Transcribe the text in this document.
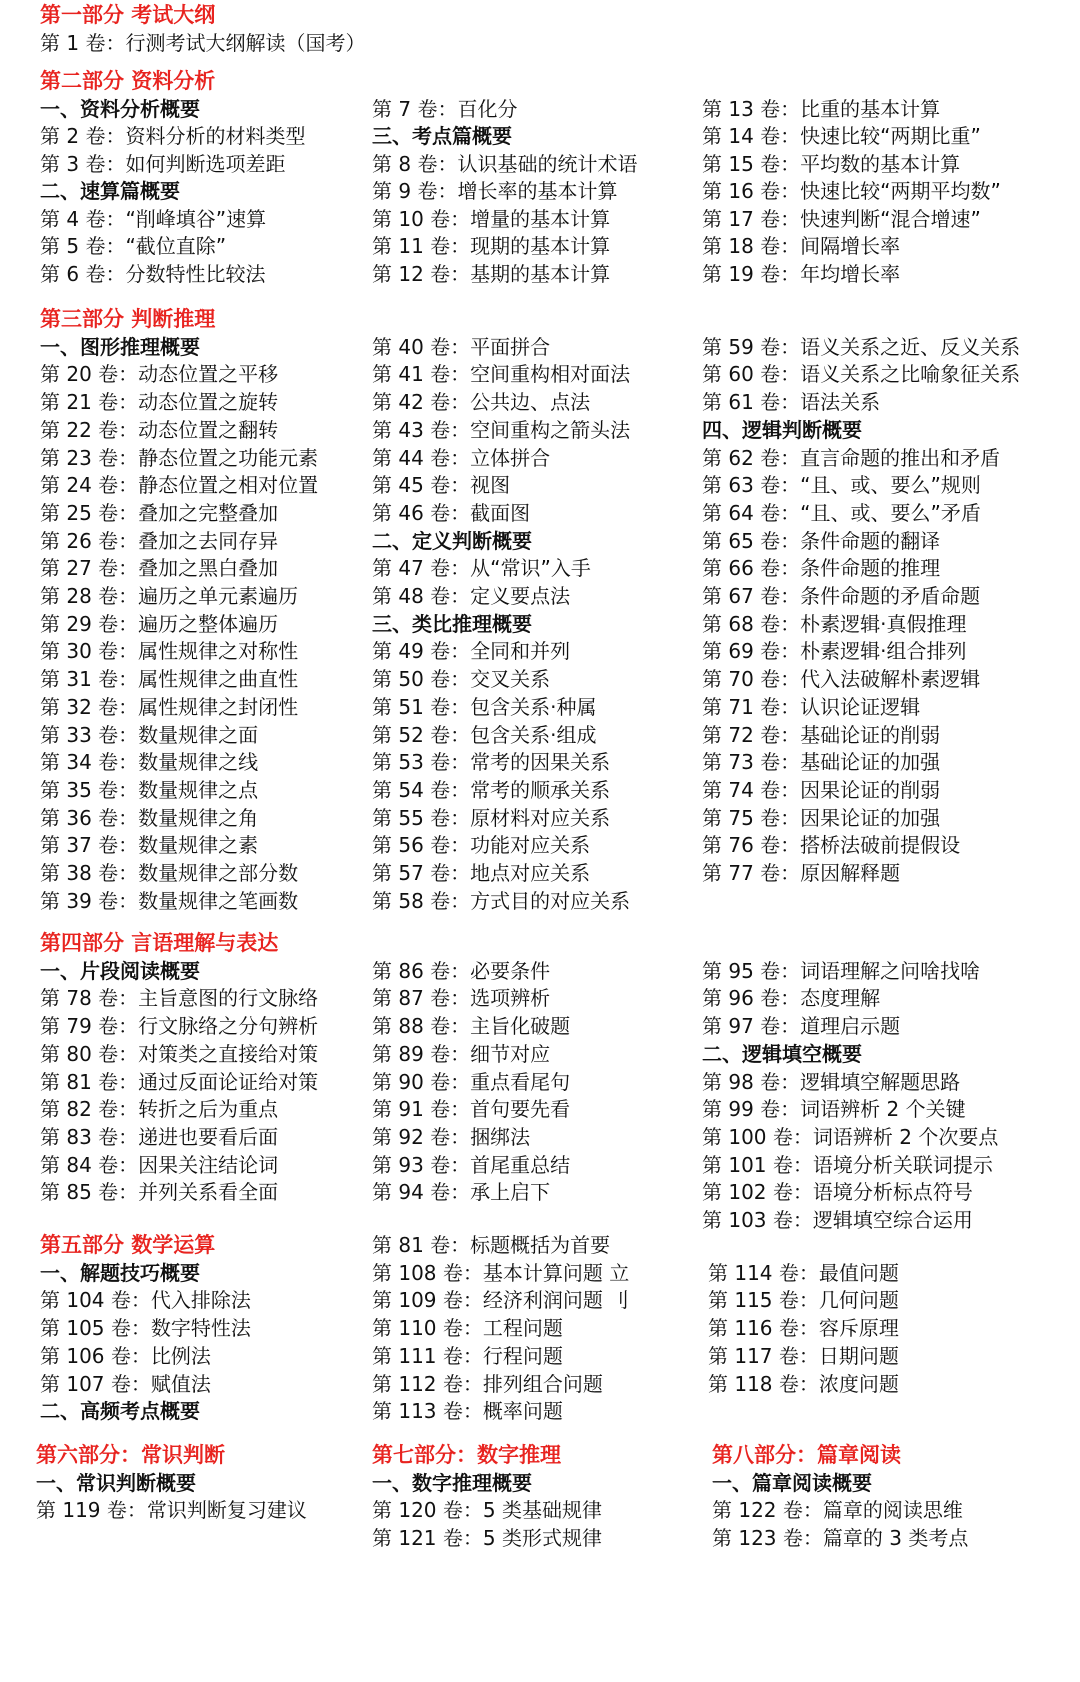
第一部分 考试大纲
第 1 卷：行测考试大纲解读（国考）
第二部分 资料分析
一、资料分析概要
第 2 卷：资料分析的材料类型
第 3 卷：如何判断选项差距
二、速算篇概要
第 4 卷：“削峰填谷”速算
第 5 卷：“截位直除”
第 6 卷：分数特性比较法
第 7 卷：百化分
三、考点篇概要
第 8 卷：认识基础的统计术语
第 9 卷：增长率的基本计算
第 10 卷：增量的基本计算
第 11 卷：现期的基本计算
第 12 卷：基期的基本计算
第 13 卷：比重的基本计算
第 14 卷：快速比较“两期比重”
第 15 卷：平均数的基本计算
第 16 卷：快速比较“两期平均数”
第 17 卷：快速判断“混合增速”
第 18 卷：间隔增长率
第 19 卷：年均增长率
第三部分 判断推理
一、图形推理概要
第 20 卷：动态位置之平移
第 21 卷：动态位置之旋转
第 22 卷：动态位置之翻转
第 23 卷：静态位置之功能元素
第 24 卷：静态位置之相对位置
第 25 卷：叠加之完整叠加
第 26 卷：叠加之去同存异
第 27 卷：叠加之黑白叠加
第 28 卷：遍历之单元素遍历
第 29 卷：遍历之整体遍历
第 30 卷：属性规律之对称性
第 31 卷：属性规律之曲直性
第 32 卷：属性规律之封闭性
第 33 卷：数量规律之面
第 34 卷：数量规律之线
第 35 卷：数量规律之点
第 36 卷：数量规律之角
第 37 卷：数量规律之素
第 38 卷：数量规律之部分数
第 39 卷：数量规律之笔画数
第 40 卷：平面拼合
第 41 卷：空间重构相对面法
第 42 卷：公共边、点法
第 43 卷：空间重构之箭头法
第 44 卷：立体拼合
第 45 卷：视图
第 46 卷：截面图
二、定义判断概要
第 47 卷：从“常识”入手
第 48 卷：定义要点法
三、类比推理概要
第 49 卷：全同和并列
第 50 卷：交叉关系
第 51 卷：包含关系·种属
第 52 卷：包含关系·组成
第 53 卷：常考的因果关系
第 54 卷：常考的顺承关系
第 55 卷：原材料对应关系
第 56 卷：功能对应关系
第 57 卷：地点对应关系
第 58 卷：方式目的对应关系
第 59 卷：语义关系之近、反义关系
第 60 卷：语义关系之比喻象征关系
第 61 卷：语法关系
四、逻辑判断概要
第 62 卷：直言命题的推出和矛盾
第 63 卷：“且、或、要么”规则
第 64 卷：“且、或、要么”矛盾
第 65 卷：条件命题的翻译
第 66 卷：条件命题的推理
第 67 卷：条件命题的矛盾命题
第 68 卷：朴素逻辑·真假推理
第 69 卷：朴素逻辑·组合排列
第 70 卷：代入法破解朴素逻辑
第 71 卷：认识论证逻辑
第 72 卷：基础论证的削弱
第 73 卷：基础论证的加强
第 74 卷：因果论证的削弱
第 75 卷：因果论证的加强
第 76 卷：搭桥法破前提假设
第 77 卷：原因解释题
第四部分 言语理解与表达
一、片段阅读概要
第 78 卷：主旨意图的行文脉络
第 79 卷：行文脉络之分句辨析
第 80 卷：对策类之直接给对策
第 81 卷：通过反面论证给对策
第 82 卷：转折之后为重点
第 83 卷：递进也要看后面
第 84 卷：因果关注结论词
第 85 卷：并列关系看全面
第 86 卷：必要条件
第 87 卷：选项辨析
第 88 卷：主旨化破题
第 89 卷：细节对应
第 90 卷：重点看尾句
第 91 卷：首句要先看
第 92 卷：捆绑法
第 93 卷：首尾重总结
第 94 卷：承上启下
第 95 卷：词语理解之问啥找啥
第 96 卷：态度理解
第 97 卷：道理启示题
二、逻辑填空概要
第 98 卷：逻辑填空解题思路
第 99 卷：词语辨析 2 个关键
第 100 卷：词语辨析 2 个次要点
第 101 卷：语境分析关联词提示
第 102 卷：语境分析标点符号
第 103 卷：逻辑填空综合运用
第五部分 数学运算
一、解题技巧概要
第 104 卷：代入排除法
第 105 卷：数字特性法
第 106 卷：比例法
第 107 卷：赋值法
二、高频考点概要
第 81 卷：标题概括为首要
第 108 卷：基本计算问题 立
第 109 卷：经济利润问题 刂
第 110 卷：工程问题
第 111 卷：行程问题
第 112 卷：排列组合问题
第 113 卷：概率问题
第 114 卷：最值问题
第 115 卷：几何问题
第 116 卷：容斥原理
第 117 卷：日期问题
第 118 卷：浓度问题
第六部分：常识判断
一、常识判断概要
第 119 卷：常识判断复习建议
第七部分：数字推理
一、数字推理概要
第 120 卷：5 类基础规律
第 121 卷：5 类形式规律
第八部分：篇章阅读
一、篇章阅读概要
第 122 卷：篇章的阅读思维
第 123 卷：篇章的 3 类考点
